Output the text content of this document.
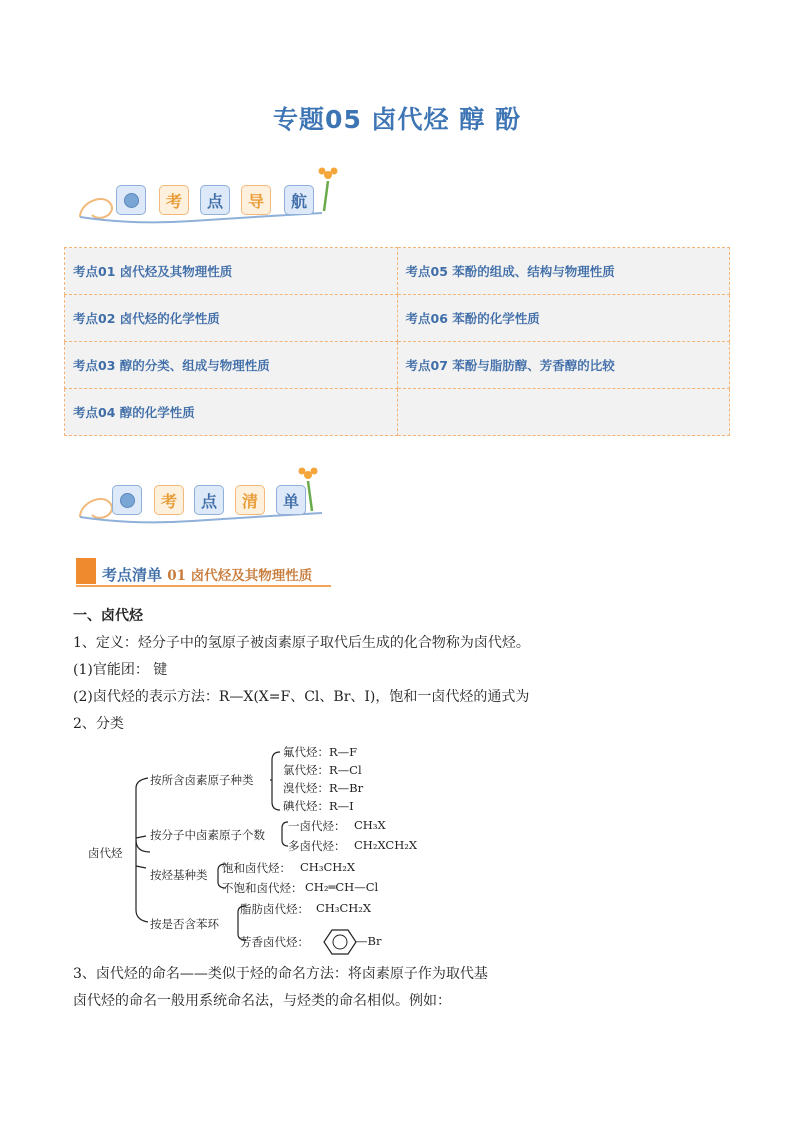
专题05 卤代烃 醇 酚
考	点	导	航
考点01 卤代烃及其物理性质	考点05 苯酚的组成、结构与物理性质
考点02 卤代烃的化学性质	考点06 苯酚的化学性质
考点03 醇的分类、组成与物理性质	考点07 苯酚与脂肪醇、芳香醇的比较
考点04 醇的化学性质	
考	点	清	单
考点清单 01 卤代烃及其物理性质
一、卤代烃
1、定义：烃分子中的氢原子被卤素原子取代后生成的化合物称为卤代烃。
(1)官能团： 键
(2)卤代烃的表示方法：R—X(X=F、Cl、Br、I)，饱和一卤代烃的通式为
2、分类
卤代烃
按所含卤素原子种类
氟代烃：R—F
氯代烃：R—Cl
溴代烃：R—Br
碘代烃：R—I
按分子中卤素原子个数
一卤代烃： CH₃X
多卤代烃： CH₂XCH₂X
按烃基种类 饱和卤代烃： CH₃CH₂X
不饱和卤代烃： CH₂═CH—Cl
按是否含苯环
脂肪卤代烃： CH₃CH₂X
芳香卤代烃：	—Br
3、卤代烃的命名——类似于烃的命名方法：将卤素原子作为取代基
卤代烃的命名一般用系统命名法，与烃类的命名相似。例如：
